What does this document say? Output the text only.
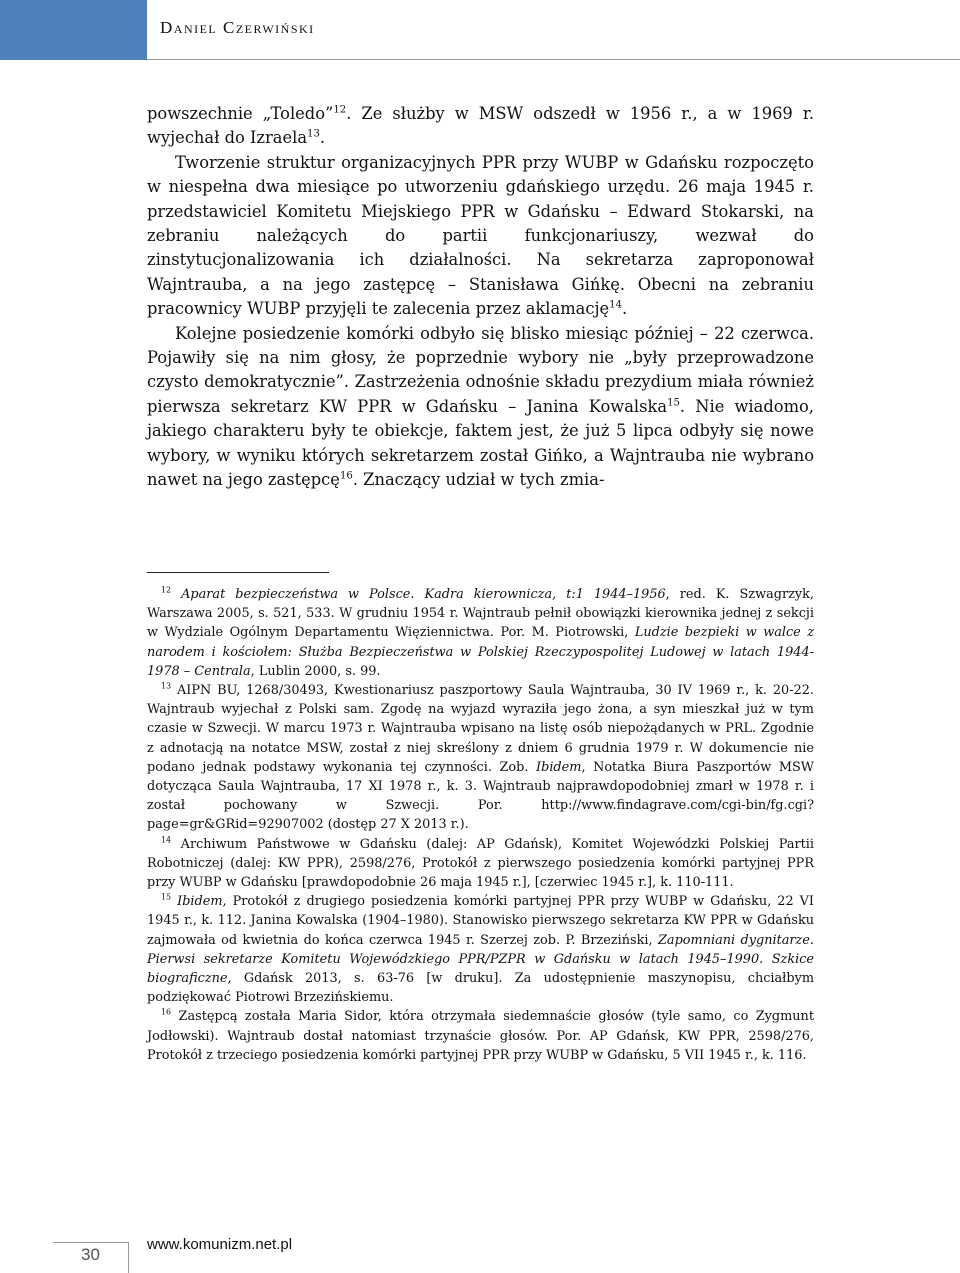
Daniel Czerwiński

powszechnie „Toledo”$^{12}$. Ze służby w MSW odszedł w 1956 r., a w 1969 r. wyjechał do Izraela$^{13}$.

Tworzenie struktur organizacyjnych PPR przy WUBP w Gdańsku rozpoczęto w niespełna dwa miesiące po utworzeniu gdańskiego urzędu. 26 maja 1945 r. przedstawiciel Komitetu Miejskiego PPR w Gdańsku – Edward Stokarski, na zebraniu należących do partii funkcjonariuszy, wezwał do zinstytucjonalizowania ich działalności. Na sekretarza zaproponował Wajntrauba, a na jego zastępcę – Stanisława Gińkę. Obecni na zebraniu pracownicy WUBP przyjęli te zalecenia przez aklamację$^{14}$.

Kolejne posiedzenie komórki odbyło się blisko miesiąc później – 22 czerwca. Pojawiły się na nim głosy, że poprzednie wybory nie „były przeprowadzone czysto demokratycznie”. Zastrzeżenia odnośnie składu prezydium miała również pierwsza sekretarz KW PPR w Gdańsku – Janina Kowalska$^{15}$. Nie wiadomo, jakiego charakteru były te obiekcje, faktem jest, że już 5 lipca odbyły się nowe wybory, w wyniku których sekretarzem został Gińko, a Wajntrauba nie wybrano nawet na jego zastępcę$^{16}$. Znaczący udział w tych zmia-

$^{12}$ Aparat bezpieczeństwa w Polsce. Kadra kierownicza, t:1 1944–1956, red. K. Szwagrzyk, Warszawa 2005, s. 521, 533. W grudniu 1954 r. Wajntraub pełnił obowiązki kierownika jednej z sekcji w Wydziale Ogólnym Departamentu Więziennictwa. Por. M. Piotrowski, Ludzie bezpieki w walce z narodem i kościołem: Służba Bezpieczeństwa w Polskiej Rzeczypospolitej Ludowej w latach 1944-1978 – Centrala, Lublin 2000, s. 99.

$^{13}$ AIPN BU, 1268/30493, Kwestionariusz paszportowy Saula Wajntrauba, 30 IV 1969 r., k. 20-22. Wajntraub wyjechał z Polski sam. Zgodę na wyjazd wyraziła jego żona, a syn mieszkał już w tym czasie w Szwecji. W marcu 1973 r. Wajntrauba wpisano na listę osób niepożądanych w PRL. Zgodnie z adnotacją na notatce MSW, został z niej skreślony z dniem 6 grudnia 1979 r. W dokumencie nie podano jednak podstawy wykonania tej czynności. Zob. Ibidem, Notatka Biura Paszportów MSW dotycząca Saula Wajntrauba, 17 XI 1978 r., k. 3. Wajntraub najprawdopodobniej zmarł w 1978 r. i został pochowany w Szwecji. Por. http://www.findagrave.com/cgi-bin/fg.cgi?page=gr&GRid=92907002 (dostęp 27 X 2013 r.).

$^{14}$ Archiwum Państwowe w Gdańsku (dalej: AP Gdańsk), Komitet Wojewódzki Polskiej Partii Robotniczej (dalej: KW PPR), 2598/276, Protokół z pierwszego posiedzenia komórki partyjnej PPR przy WUBP w Gdańsku [prawdopodobnie 26 maja 1945 r.], [czerwiec 1945 r.], k. 110-111.

$^{15}$ Ibidem, Protokół z drugiego posiedzenia komórki partyjnej PPR przy WUBP w Gdańsku, 22 VI 1945 r., k. 112. Janina Kowalska (1904–1980). Stanowisko pierwszego sekretarza KW PPR w Gdańsku zajmowała od kwietnia do końca czerwca 1945 r. Szerzej zob. P. Brzeziński, Zapomniani dygnitarze. Pierwsi sekretarze Komitetu Wojewódzkiego PPR/PZPR w Gdańsku w latach 1945–1990. Szkice biograficzne, Gdańsk 2013, s. 63-76 [w druku]. Za udostępnienie maszynopisu, chciałbym podziękować Piotrowi Brzezińskiemu.

$^{16}$ Zastępcą została Maria Sidor, która otrzymała siedemnaście głosów (tyle samo, co Zygmunt Jodłowski). Wajntraub dostał natomiast trzynaście głosów. Por. AP Gdańsk, KW PPR, 2598/276, Protokół z trzeciego posiedzenia komórki partyjnej PPR przy WUBP w Gdańsku, 5 VII 1945 r., k. 116.

30
www.komunizm.net.pl
